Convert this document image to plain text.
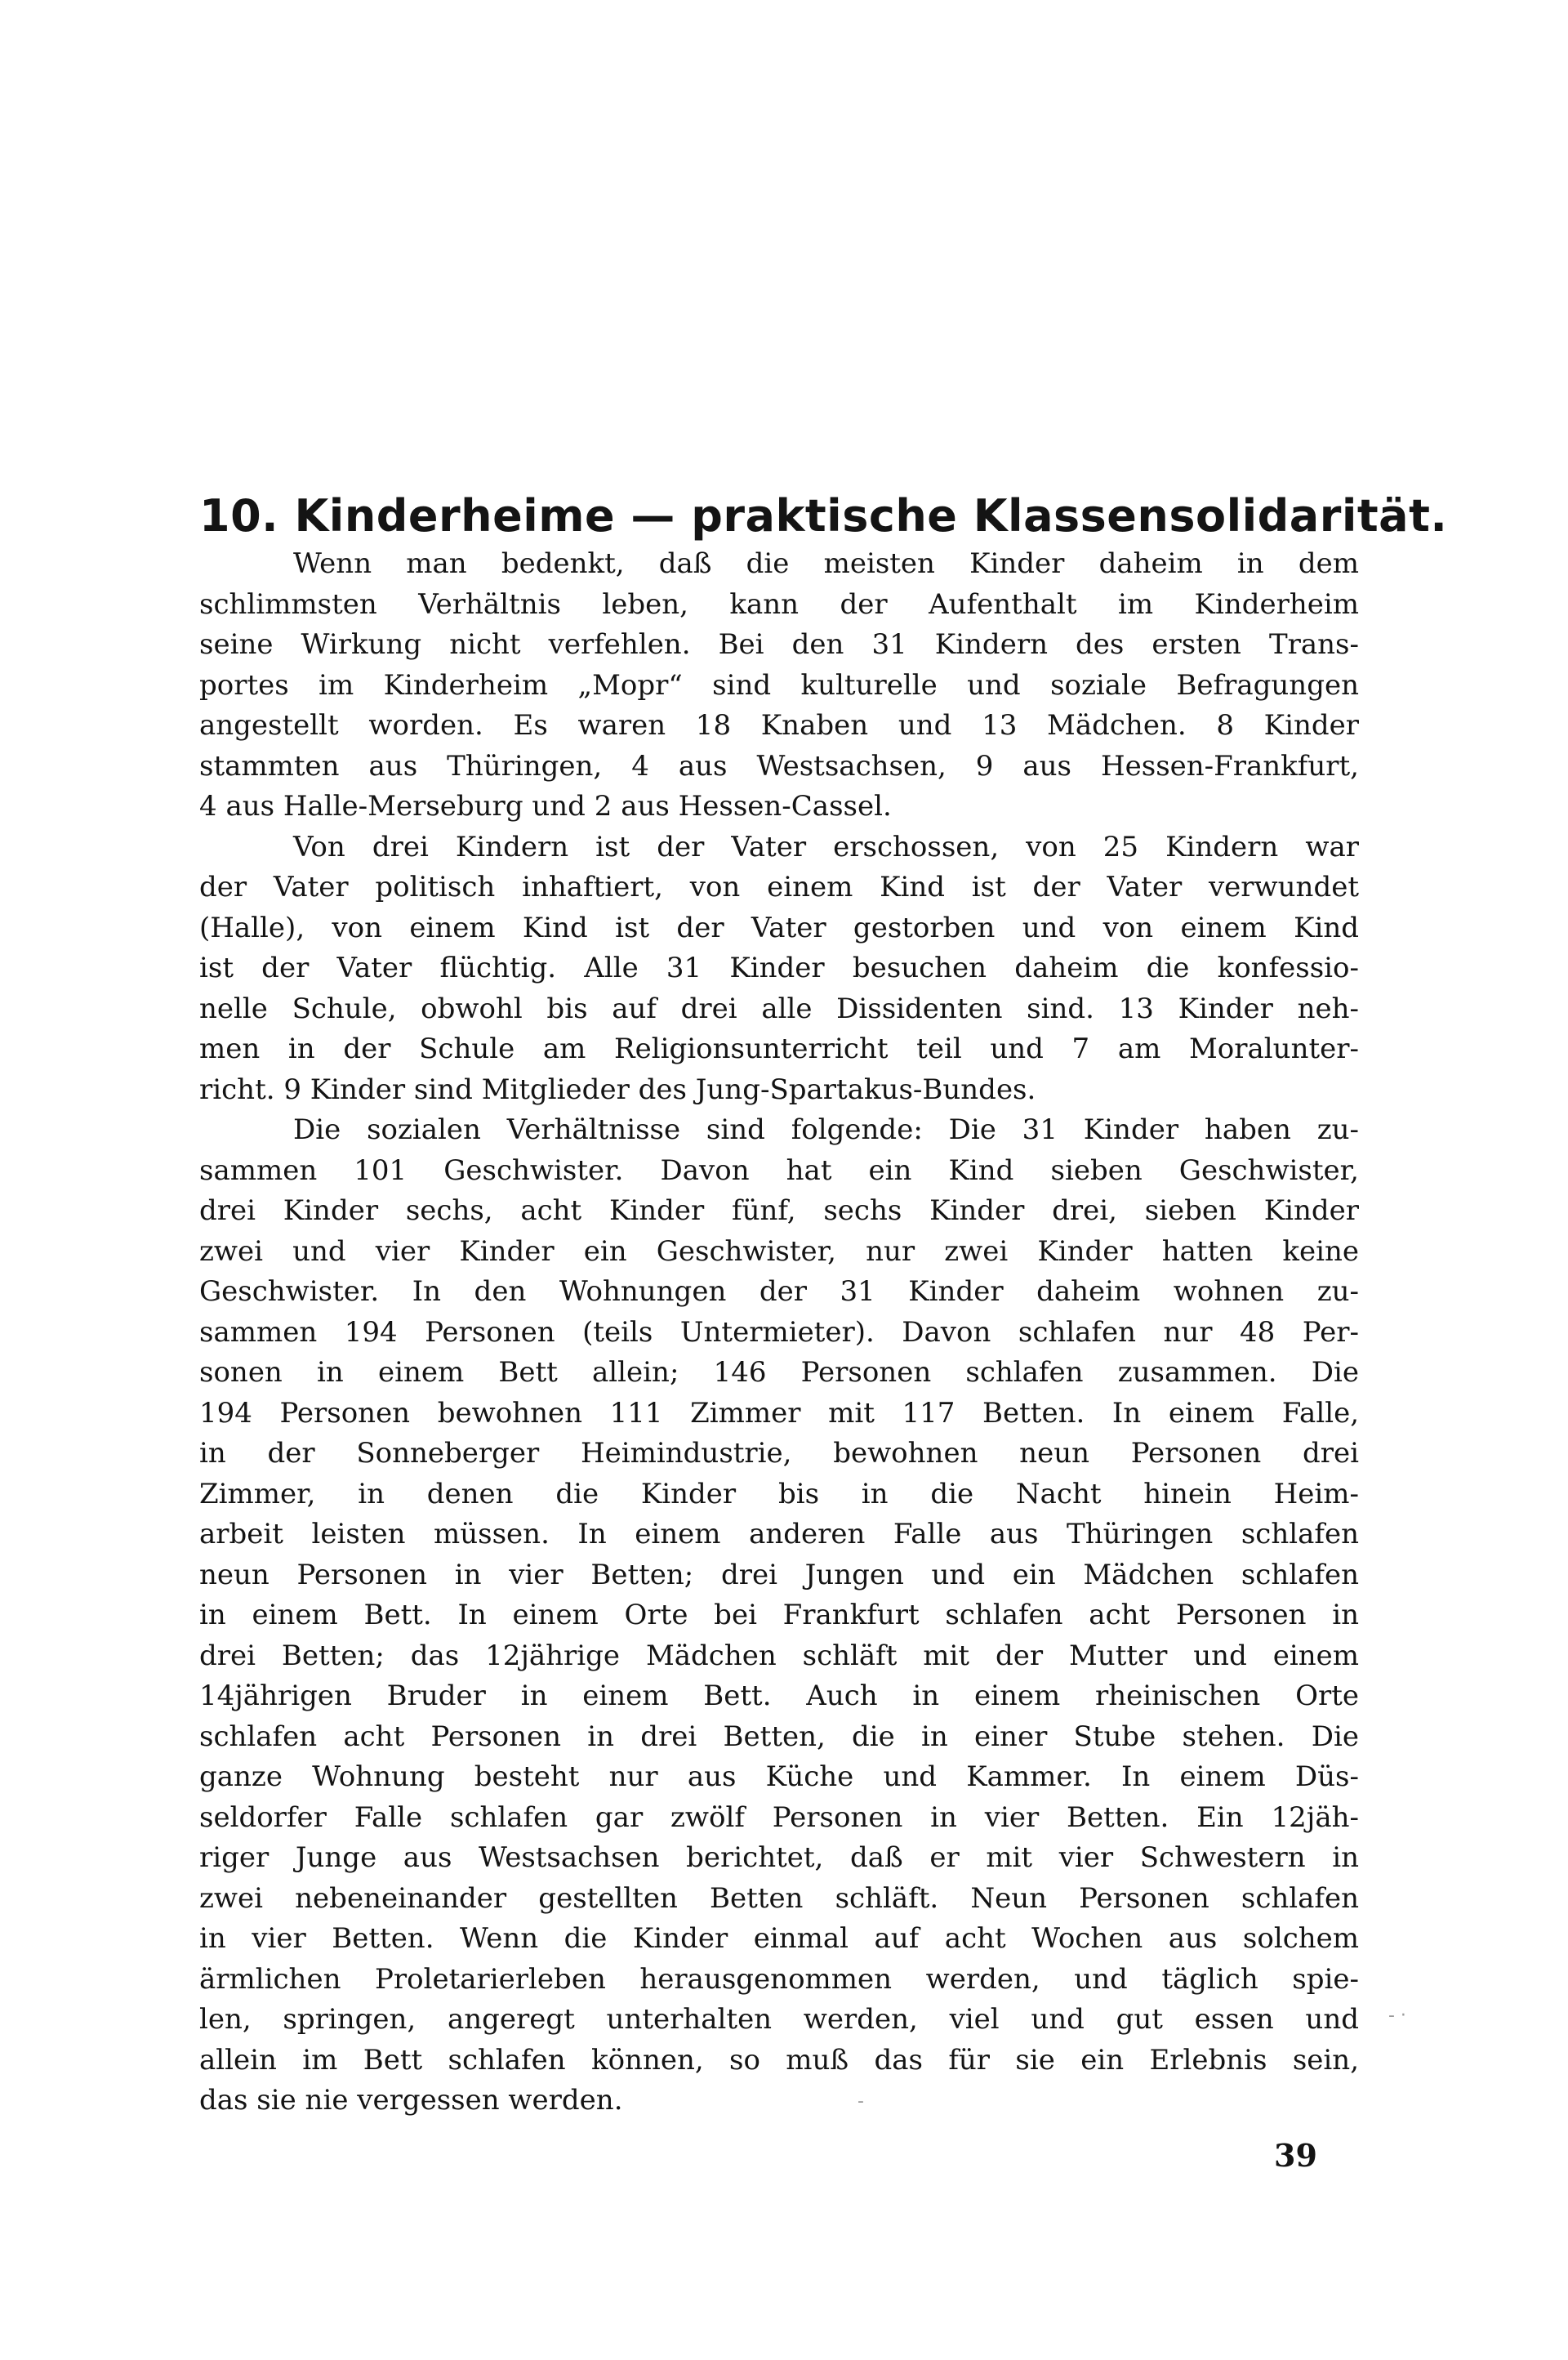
10. Kinderheime — praktische Klassensolidarität.
Wenn man bedenkt, daß die meisten Kinder daheim in dem
schlimmsten Verhältnis leben, kann der Aufenthalt im Kinderheim
seine Wirkung nicht verfehlen. Bei den 31 Kindern des ersten Trans-
portes im Kinderheim „Mopr“ sind kulturelle und soziale Befragungen
angestellt worden. Es waren 18 Knaben und 13 Mädchen. 8 Kinder
stammten aus Thüringen, 4 aus Westsachsen, 9 aus Hessen-Frankfurt,
4 aus Halle-Merseburg und 2 aus Hessen-Cassel.
Von drei Kindern ist der Vater erschossen, von 25 Kindern war
der Vater politisch inhaftiert, von einem Kind ist der Vater verwundet
(Halle), von einem Kind ist der Vater gestorben und von einem Kind
ist der Vater flüchtig. Alle 31 Kinder besuchen daheim die konfessio-
nelle Schule, obwohl bis auf drei alle Dissidenten sind. 13 Kinder neh-
men in der Schule am Religionsunterricht teil und 7 am Moralunter-
richt. 9 Kinder sind Mitglieder des Jung-Spartakus-Bundes.
Die sozialen Verhältnisse sind folgende: Die 31 Kinder haben zu-
sammen 101 Geschwister. Davon hat ein Kind sieben Geschwister,
drei Kinder sechs, acht Kinder fünf, sechs Kinder drei, sieben Kinder
zwei und vier Kinder ein Geschwister, nur zwei Kinder hatten keine
Geschwister. In den Wohnungen der 31 Kinder daheim wohnen zu-
sammen 194 Personen (teils Untermieter). Davon schlafen nur 48 Per-
sonen in einem Bett allein; 146 Personen schlafen zusammen. Die
194 Personen bewohnen 111 Zimmer mit 117 Betten. In einem Falle,
in der Sonneberger Heimindustrie, bewohnen neun Personen drei
Zimmer, in denen die Kinder bis in die Nacht hinein Heim-
arbeit leisten müssen. In einem anderen Falle aus Thüringen schlafen
neun Personen in vier Betten; drei Jungen und ein Mädchen schlafen
in einem Bett. In einem Orte bei Frankfurt schlafen acht Personen in
drei Betten; das 12jährige Mädchen schläft mit der Mutter und einem
14jährigen Bruder in einem Bett. Auch in einem rheinischen Orte
schlafen acht Personen in drei Betten, die in einer Stube stehen. Die
ganze Wohnung besteht nur aus Küche und Kammer. In einem Düs-
seldorfer Falle schlafen gar zwölf Personen in vier Betten. Ein 12jäh-
riger Junge aus Westsachsen berichtet, daß er mit vier Schwestern in
zwei nebeneinander gestellten Betten schläft. Neun Personen schlafen
in vier Betten. Wenn die Kinder einmal auf acht Wochen aus solchem
ärmlichen Proletarierleben herausgenommen werden, und täglich spie-
len, springen, angeregt unterhalten werden, viel und gut essen und
allein im Bett schlafen können, so muß das für sie ein Erlebnis sein,
das sie nie vergessen werden.
39
- ·
‐
